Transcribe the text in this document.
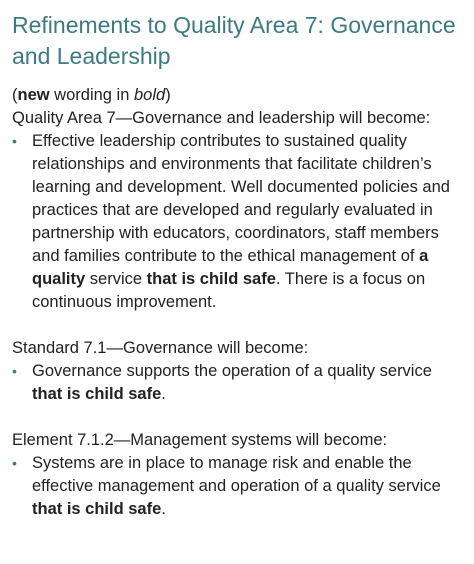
Refinements to Quality Area 7: Governance and Leadership

(new wording in bold)

Quality Area 7—Governance and leadership will become:

• Effective leadership contributes to sustained quality relationships and environments that facilitate children’s learning and development. Well documented policies and practices that are developed and regularly evaluated in partnership with educators, coordinators, staff members and families contribute to the ethical management of a quality service that is child safe. There is a focus on continuous improvement.

Standard 7.1—Governance will become:

• Governance supports the operation of a quality service that is child safe.

Element 7.1.2—Management systems will become:

• Systems are in place to manage risk and enable the effective management and operation of a quality service that is child safe.
